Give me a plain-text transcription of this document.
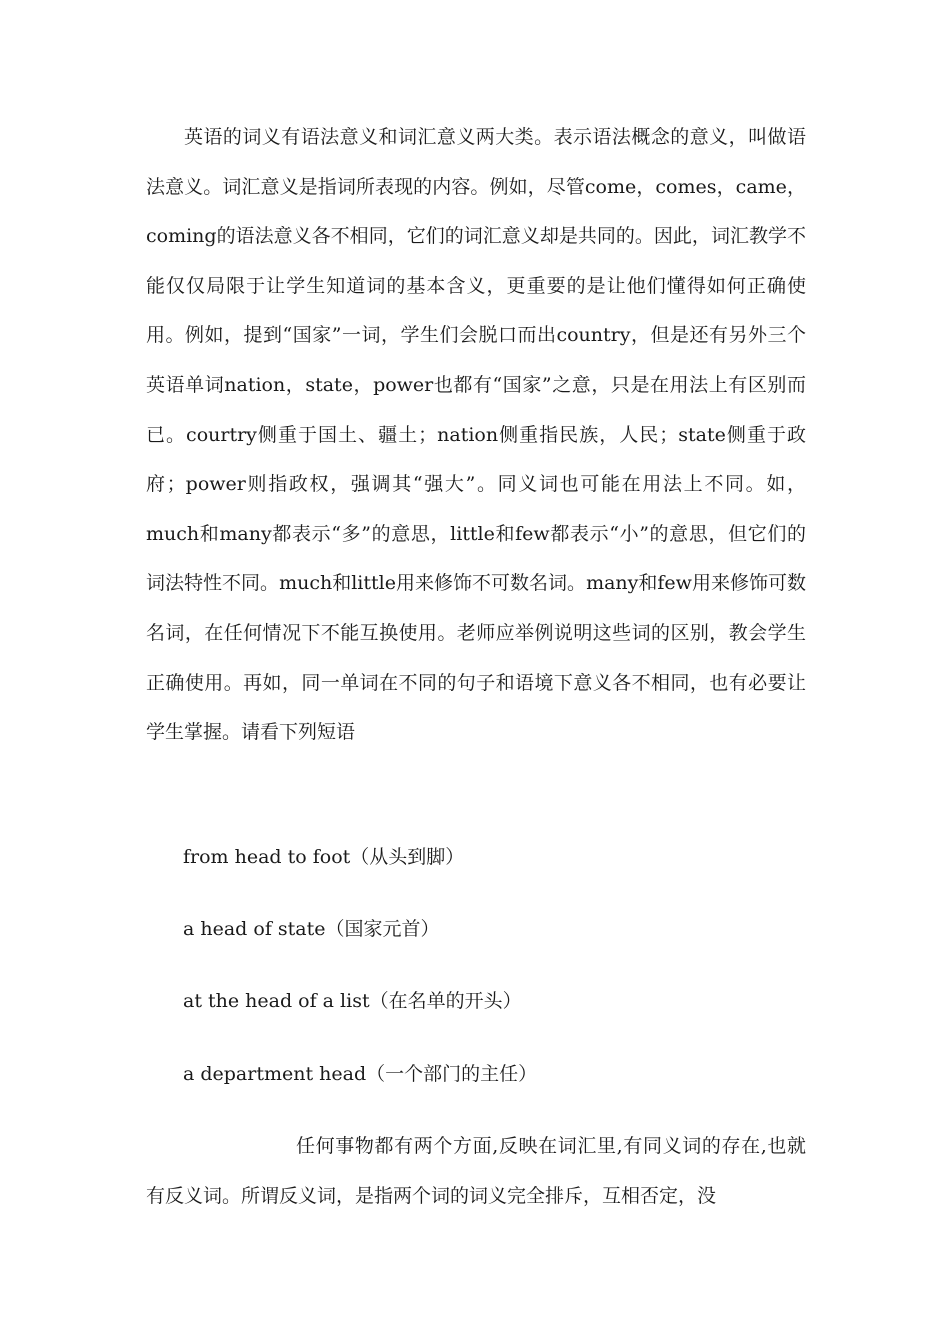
英语的词义有语法意义和词汇意义两大类。表示语法概念的意义，叫做语法意义。词汇意义是指词所表现的内容。例如，尽管come，comes，came，coming的语法意义各不相同，它们的词汇意义却是共同的。因此，词汇教学不能仅仅局限于让学生知道词的基本含义，更重要的是让他们懂得如何正确使用。例如，提到“国家”一词，学生们会脱口而出country，但是还有另外三个英语单词nation，state，power也都有“国家”之意，只是在用法上有区别而已。courtry侧重于国土、疆土；nation侧重指民族，人民；state侧重于政府；power则指政权，强调其“强大”。同义词也可能在用法上不同。如，much和many都表示“多”的意思，little和few都表示“小”的意思，但它们的词法特性不同。much和little用来修饰不可数名词。many和few用来修饰可数名词，在任何情况下不能互换使用。老师应举例说明这些词的区别，教会学生正确使用。再如，同一单词在不同的句子和语境下意义各不相同，也有必要让学生掌握。请看下列短语

from head to foot（从头到脚）

a head of state（国家元首）

at the head of a list（在名单的开头）

a department head（一个部门的主任）

任何事物都有两个方面,反映在词汇里,有同义词的存在,也就有反义词。所谓反义词，是指两个词的词义完全排斥，互相否定，没
